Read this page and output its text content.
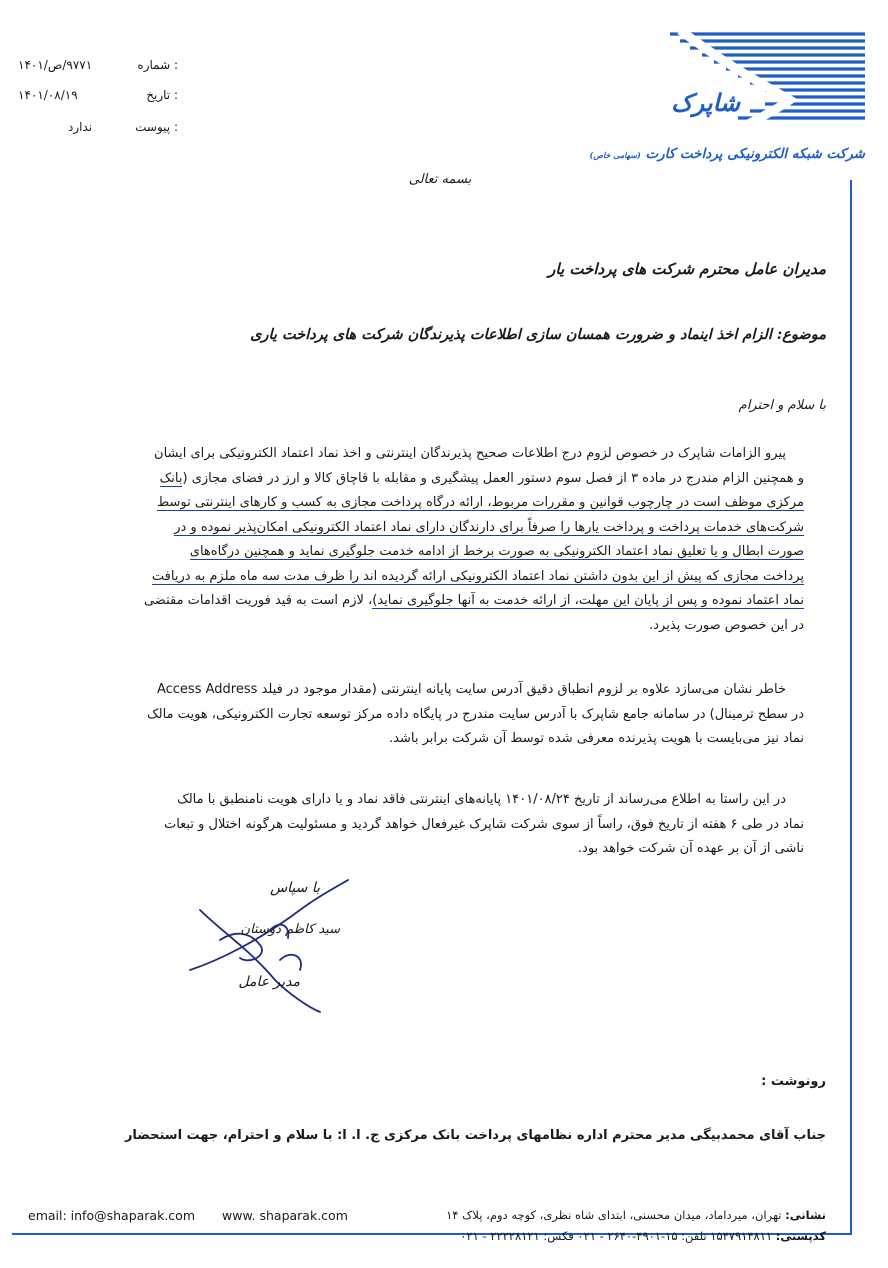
شاپرک
شرکت شبکه الکترونیکی پرداخت کارت (سهامی خاص)
شماره :
۹۷۷۱/ص/۱۴۰۱
تاریخ :
۱۴۰۱/۰۸/۱۹
پیوست :
ندارد
بسمه تعالی
مدیران عامل محترم شرکت های پرداخت یار
موضوع: الزام اخذ اینماد و ضرورت همسان سازی اطلاعات پذیرندگان شرکت های پرداخت یاری
با سلام و احترام
پیرو الزامات شاپرک در خصوص لزوم درج اطلاعات صحیح پذیرندگان اینترنتی و اخذ نماد اعتماد الکترونیکی برای ایشان
و همچنین الزام مندرج در ماده ۳ از فصل سوم دستور العمل پیشگیری و مقابله با قاچاق کالا و ارز در فضای مجازی (بانک
مرکزی موظف است در چارچوب قوانین و مقررات مربوط، ارائه درگاه پرداخت مجازی به کسب و کارهای اینترنتی توسط
شرکت‌های خدمات پرداخت و پرداخت یارها را صرفاً برای دارندگان دارای نماد اعتماد الکترونیکی امکان‌پذیر نموده و در
صورت ابطال و یا تعلیق نماد اعتماد الکترونیکی به صورت برخط از ادامه خدمت جلوگیری نماید و همچنین درگاه‌های
پرداخت مجازی که پیش از این بدون داشتن نماد اعتماد الکترونیکی ارائه گردیده اند را ظرف مدت سه ماه ملزم به دریافت
نماد اعتماد نموده و پس از پایان این مهلت، از ارائه خدمت به آنها جلوگیری نماید)، لازم است به قید فوریت اقدامات مقتضی
در این خصوص صورت پذیرد.
خاطر نشان می‌سازد علاوه بر لزوم انطباق دقیق آدرس سایت پایانه اینترنتی (مقدار موجود در فیلد Access Address
در سطح ترمینال) در سامانه جامع شاپرک با آدرس سایت مندرج در پایگاه داده مرکز توسعه تجارت الکترونیکی، هویت مالک
نماد نیز می‌بایست با هویت پذیرنده معرفی شده توسط آن شرکت برابر باشد.
در این راستا به اطلاع می‌رساند از تاریخ ۱۴۰۱/۰۸/۲۴ پایانه‌های اینترنتی فاقد نماد و یا دارای هویت نامنطبق با مالک
نماد در طی ۶ هفته از تاریخ فوق، راساً از سوی شرکت شاپرک غیرفعال خواهد گردید و مسئولیت هرگونه اختلال و تبعات
ناشی از آن بر عهده آن شرکت خواهد بود.
با سپاس
سید کاظم دوستان
مدیر عامل
رونوشت :
جناب آقای محمدبیگی مدیر محترم اداره نظامهای پرداخت بانک مرکزی ج. ا. ا: با سلام و احترام، جهت استحضار
email: info@shaparak.com www. shaparak.com	نشانی: تهران، میرداماد، میدان محسنی، ابتدای شاه نظری، کوچه دوم، پلاک ۱۴
کدپستی: ۱۵۴۷۹۱۴۸۱۱ تلفن: ۱۵-۴۹۰۱-۲۶۴۰ - ۰۲۱ فکس: ۲۲۲۲۸۱۲۱ - ۰۲۱
